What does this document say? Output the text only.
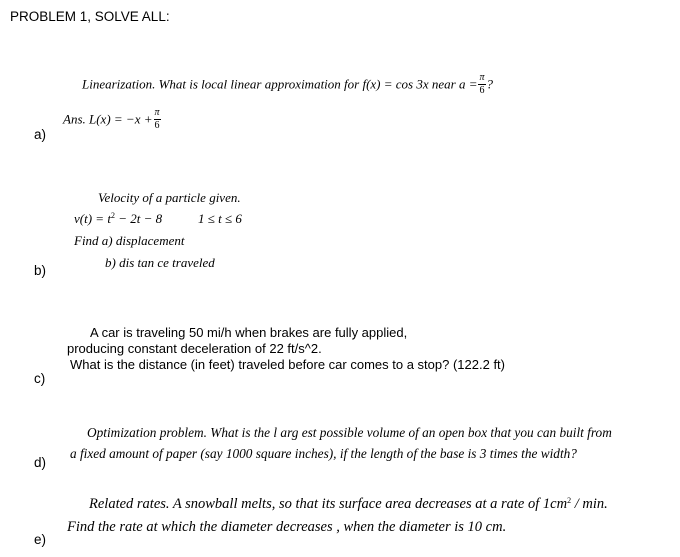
PROBLEM 1, SOLVE ALL:
Linearization. What is local linear approximation for f(x) = cos 3x near $a = \frac{\pi}{6}$ ?
Ans. $L(x) = -x + \frac{\pi}{6}$
a)
Velocity of a particle given.
$v(t) = t^2 - 2t - 8$	1 ≤ t ≤ 6
Find a) displacement
b) dis tan ce traveled
b)
A car is traveling 50 mi/h when brakes are fully applied,
producing constant deceleration of 22 ft/s^2.
What is the distance (in feet) traveled before car comes to a stop? (122.2 ft)
c)
Optimization problem. What is the l arg est possible volume of an open box that you can built from
a fixed amount of paper (say 1000 square inches), if the length of the base is 3 times the width?
d)
Related rates. A snowball melts, so that its surface area decreases at a rate of $1cm^2$ / min.
Find the rate at which the diameter decreases , when the diameter is 10 cm.
e)
